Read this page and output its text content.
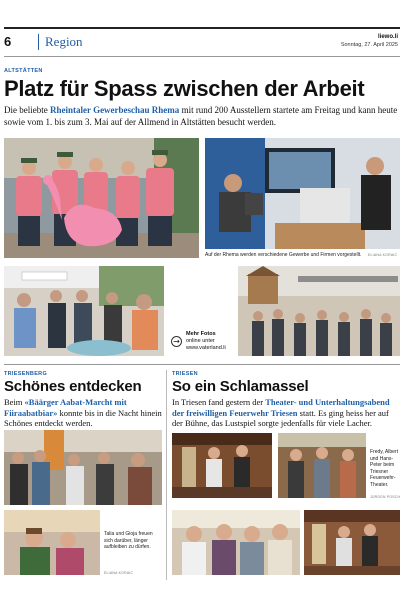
6	Region	liewo.li
Sonntag, 27. April 2025
ALTSTÄTTEN
Platz für Spass zwischen der Arbeit
Die beliebte Rheintaler Gewerbeschau Rhema mit rund 200 Ausstellern startete am Freitag und kann heute sowie vom 1. bis zum 3. Mai auf der Allmend in Altstätten besucht werden.
Auf der Rhema werden verschiedene Gewerbe und Firmen vorgestellt.	ELIANA KORAIC
→
Mehr Fotos
online unter
www.vaterland.li
TRIESENBERG
Schönes entdecken
Beim «Bäärger Aabat-Marcht mit Fiiraabatbiar» konnte bis in die Nacht hinein Schönes entdeckt werden.
Talia und Gioja freuen sich darüber, länger aufbleiben zu dürfen.
ELIANA KORAIC
TRIESEN
So ein Schlamassel
In Triesen fand gestern der Theater- und Unterhaltungsabend der freiwilligen Feuerwehr Triesen statt. Es ging heiss her auf der Bühne, das Lustspiel sorgte jedenfalls für viele Lacher.
Fredy, Albert und Hans-Peter beim Triesner Feuerwehr-Theater.
JÜRGEN POSCH
